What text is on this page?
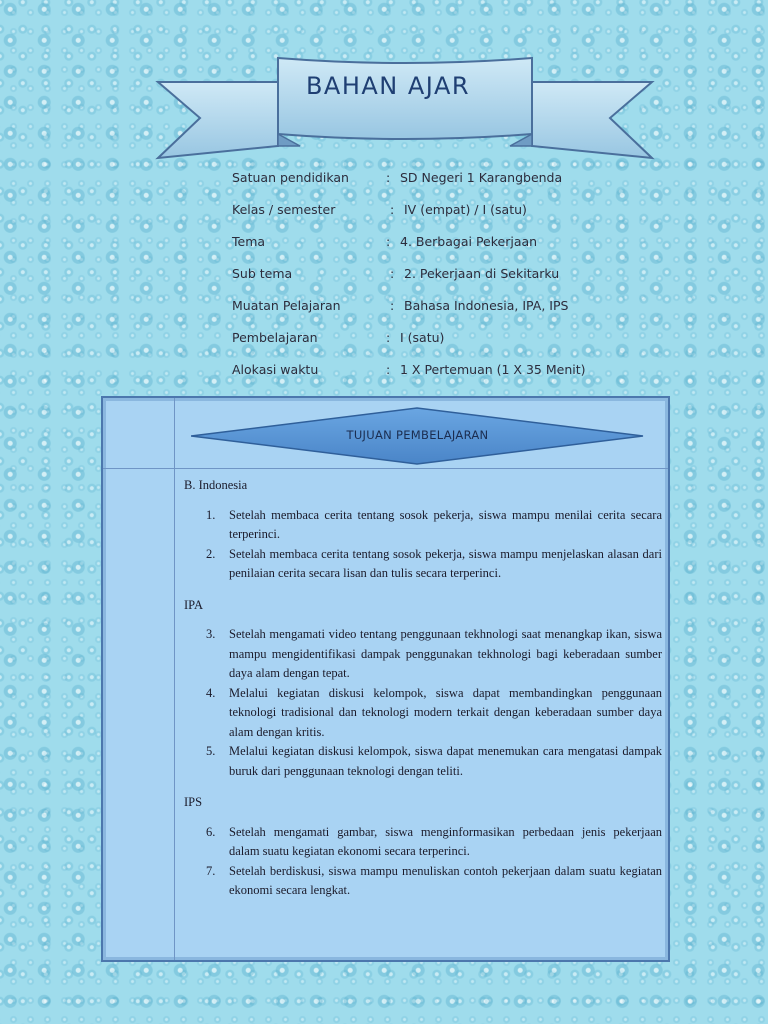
BAHAN AJAR
Satuan pendidikan	: SD Negeri 1 Karangbenda
Kelas / semester	: IV (empat) / I (satu)
Tema	: 4. Berbagai Pekerjaan
Sub tema	: 2. Pekerjaan di Sekitarku
Muatan Pelajaran	: Bahasa Indonesia, IPA, IPS
Pembelajaran	: I (satu)
Alokasi waktu	: 1 X Pertemuan (1 X 35 Menit)
TUJUAN PEMBELAJARAN
B. Indonesia
1. Setelah membaca cerita tentang sosok pekerja, siswa mampu menilai cerita secara terperinci.
2. Setelah membaca cerita tentang sosok pekerja, siswa mampu menjelaskan alasan dari penilaian cerita secara lisan dan tulis secara terperinci.
IPA
3. Setelah mengamati video tentang penggunaan tekhnologi saat menangkap ikan, siswa mampu mengidentifikasi dampak penggunakan tekhnologi bagi keberadaan sumber daya alam dengan tepat.
4. Melalui kegiatan diskusi kelompok, siswa dapat membandingkan penggunaan teknologi tradisional dan teknologi modern terkait dengan keberadaan sumber daya alam dengan kritis.
5. Melalui kegiatan diskusi kelompok, siswa dapat menemukan cara mengatasi dampak buruk dari penggunaan teknologi dengan teliti.
IPS
6. Setelah mengamati gambar, siswa menginformasikan perbedaan jenis pekerjaan dalam suatu kegiatan ekonomi secara terperinci.
7. Setelah berdiskusi, siswa mampu menuliskan contoh pekerjaan dalam suatu kegiatan ekonomi secara lengkat.
